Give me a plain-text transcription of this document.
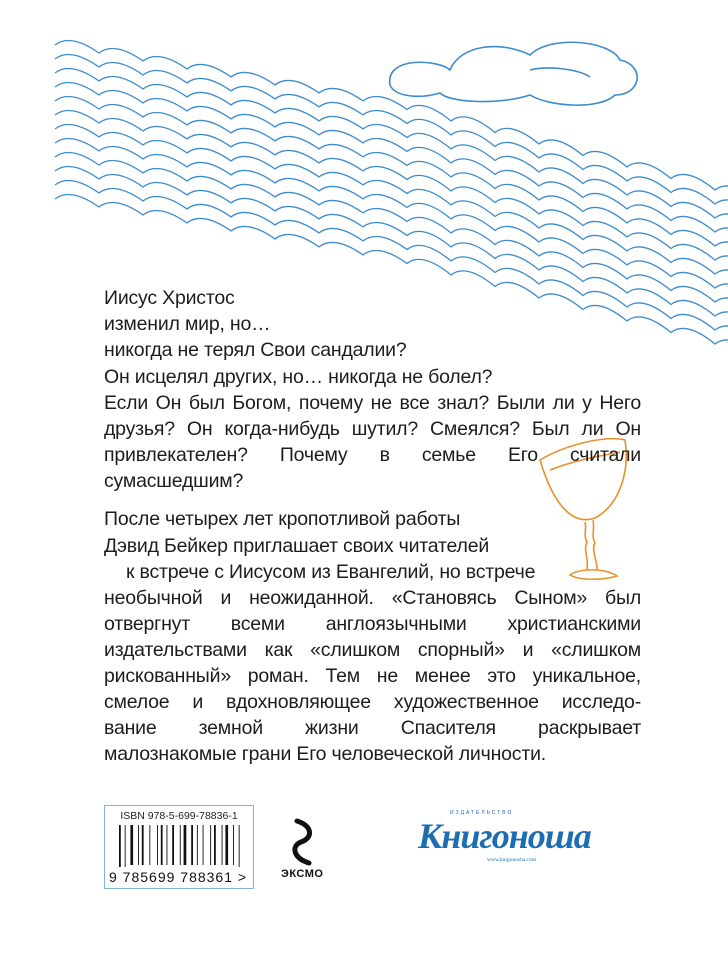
Иисус Христос
изменил мир, но…
никогда не терял Свои сандалии?
Он исцелял других, но… никогда не болел?
Если Он был Богом, почему не все знал? Были ли у Него
друзья? Он когда-нибудь шутил? Смеялся? Был ли Он
привлекателен? Почему в семье Его считали
сумасшедшим?
После четырех лет кропотливой работы
Дэвид Бейкер приглашает своих читателей
к встрече с Иисусом из Евангелий, но встрече
необычной и неожиданной. «Становясь Сыном» был
отвергнут всеми англоязычными христианскими
издательствами как «слишком спорный» и «слишком
рискованный» роман. Тем не менее это уникальное,
смелое и вдохновляющее художественное исследо-
вание земной жизни Спасителя раскрывает
малознакомые грани Его человеческой личности.
ISBN 978-5-699-78836-1
9 785699 788361 >	ЭКСМО
ИЗДАТЕЛЬСТВО
Книгоноша
www.knigonosha.com
